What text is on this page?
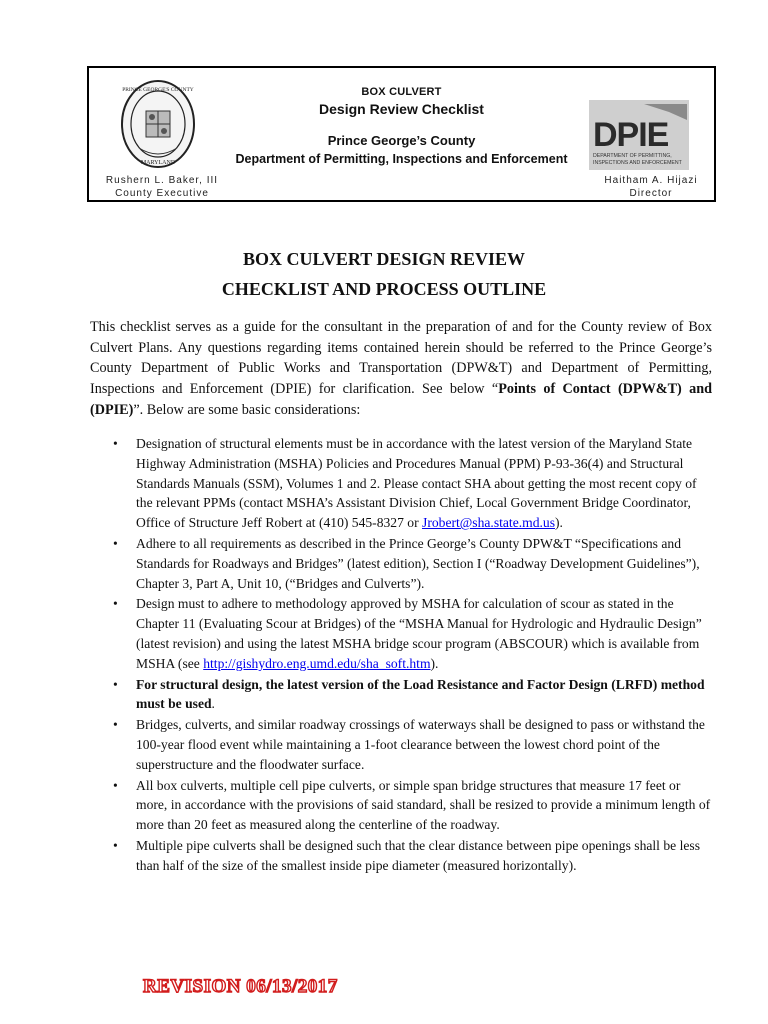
PRINCE GEORGE'S COUNTY
MARYLAND
BOX CULVERT
Design Review Checklist
Prince George’s County
Department of Permitting, Inspections and Enforcement
DPIE
DEPARTMENT OF PERMITTING,
INSPECTIONS AND ENFORCEMENT
Rushern L. Baker, III
County Executive
Haitham A. Hijazi
Director
BOX CULVERT DESIGN REVIEW
CHECKLIST AND PROCESS OUTLINE

This checklist serves as a guide for the consultant in the preparation of and for the County review of Box Culvert Plans. Any questions regarding items contained herein should be referred to the Prince George’s County Department of Public Works and Transportation (DPW&T) and Department of Permitting, Inspections and Enforcement (DPIE) for clarification. See below “Points of Contact (DPW&T) and (DPIE)”. Below are some basic considerations:

• Designation of structural elements must be in accordance with the latest version of the Maryland State Highway Administration (MSHA) Policies and Procedures Manual (PPM) P-93-36(4) and Structural Standards Manuals (SSM), Volumes 1 and 2. Please contact SHA about getting the most recent copy of the relevant PPMs (contact MSHA’s Assistant Division Chief, Local Government Bridge Coordinator, Office of Structure Jeff Robert at (410) 545-8327 or Jrobert@sha.state.md.us).
• Adhere to all requirements as described in the Prince George’s County DPW&T “Specifications and Standards for Roadways and Bridges” (latest edition), Section I (“Roadway Development Guidelines”), Chapter 3, Part A, Unit 10, (“Bridges and Culverts”).
• Design must to adhere to methodology approved by MSHA for calculation of scour as stated in the Chapter 11 (Evaluating Scour at Bridges) of the “MSHA Manual for Hydrologic and Hydraulic Design” (latest revision) and using the latest MSHA bridge scour program (ABSCOUR) which is available from MSHA (see http://gishydro.eng.umd.edu/sha_soft.htm).
• For structural design, the latest version of the Load Resistance and Factor Design (LRFD) method must be used.
• Bridges, culverts, and similar roadway crossings of waterways shall be designed to pass or withstand the 100-year flood event while maintaining a 1-foot clearance between the lowest chord point of the superstructure and the floodwater surface.
• All box culverts, multiple cell pipe culverts, or simple span bridge structures that measure 17 feet or more, in accordance with the provisions of said standard, shall be resized to provide a minimum length of more than 20 feet as measured along the centerline of the roadway.
• Multiple pipe culverts shall be designed such that the clear distance between pipe openings shall be less than half of the size of the smallest inside pipe diameter (measured horizontally).
REVISION 06/13/2017
